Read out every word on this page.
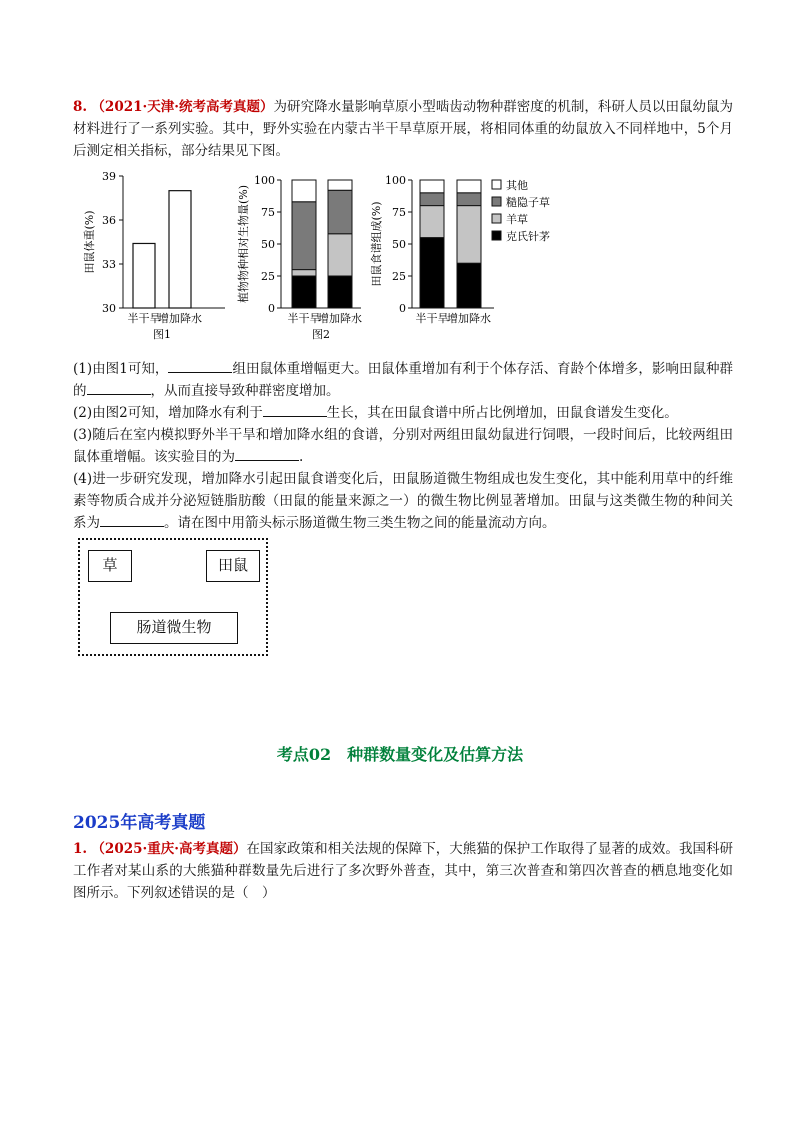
8. （2021·天津·统考高考真题）为研究降水量影响草原小型啮齿动物种群密度的机制，科研人员以田鼠幼鼠为材料进行了一系列实验。其中，野外实验在内蒙古半干旱草原开展，将相同体重的幼鼠放入不同样地中，5个月后测定相关指标，部分结果见下图。
30
33
36
39
半干旱
增加降水
图1
田鼠体重(%)
0
25
50
75
100
半干旱
增加降水
植物物种相对生物量(%)
图2
0
25
50
75
100
半干旱
增加降水
田鼠食谱组成(%)
其他
糙隐子草
羊草
克氏针茅
(1)由图1可知，	组田鼠体重增幅更大。田鼠体重增加有利于个体存活、育龄个体增多，影响田鼠种群的	，从而直接导致种群密度增加。
(2)由图2可知，增加降水有利于	生长，其在田鼠食谱中所占比例增加，田鼠食谱发生变化。
(3)随后在室内模拟野外半干旱和增加降水组的食谱，分别对两组田鼠幼鼠进行饲喂，一段时间后，比较两组田鼠体重增幅。该实验目的为	.
(4)进一步研究发现，增加降水引起田鼠食谱变化后，田鼠肠道微生物组成也发生变化，其中能利用草中的纤维素等物质合成并分泌短链脂肪酸（田鼠的能量来源之一）的微生物比例显著增加。田鼠与这类微生物的种间关系为	。请在图中用箭头标示肠道微生物三类生物之间的能量流动方向。
草	田鼠
肠道微生物
考点02　种群数量变化及估算方法
2025年高考真题
1. （2025·重庆·高考真题）在国家政策和相关法规的保障下，大熊猫的保护工作取得了显著的成效。我国科研工作者对某山系的大熊猫种群数量先后进行了多次野外普查，其中，第三次普查和第四次普查的栖息地变化如图所示。下列叙述错误的是（　）
